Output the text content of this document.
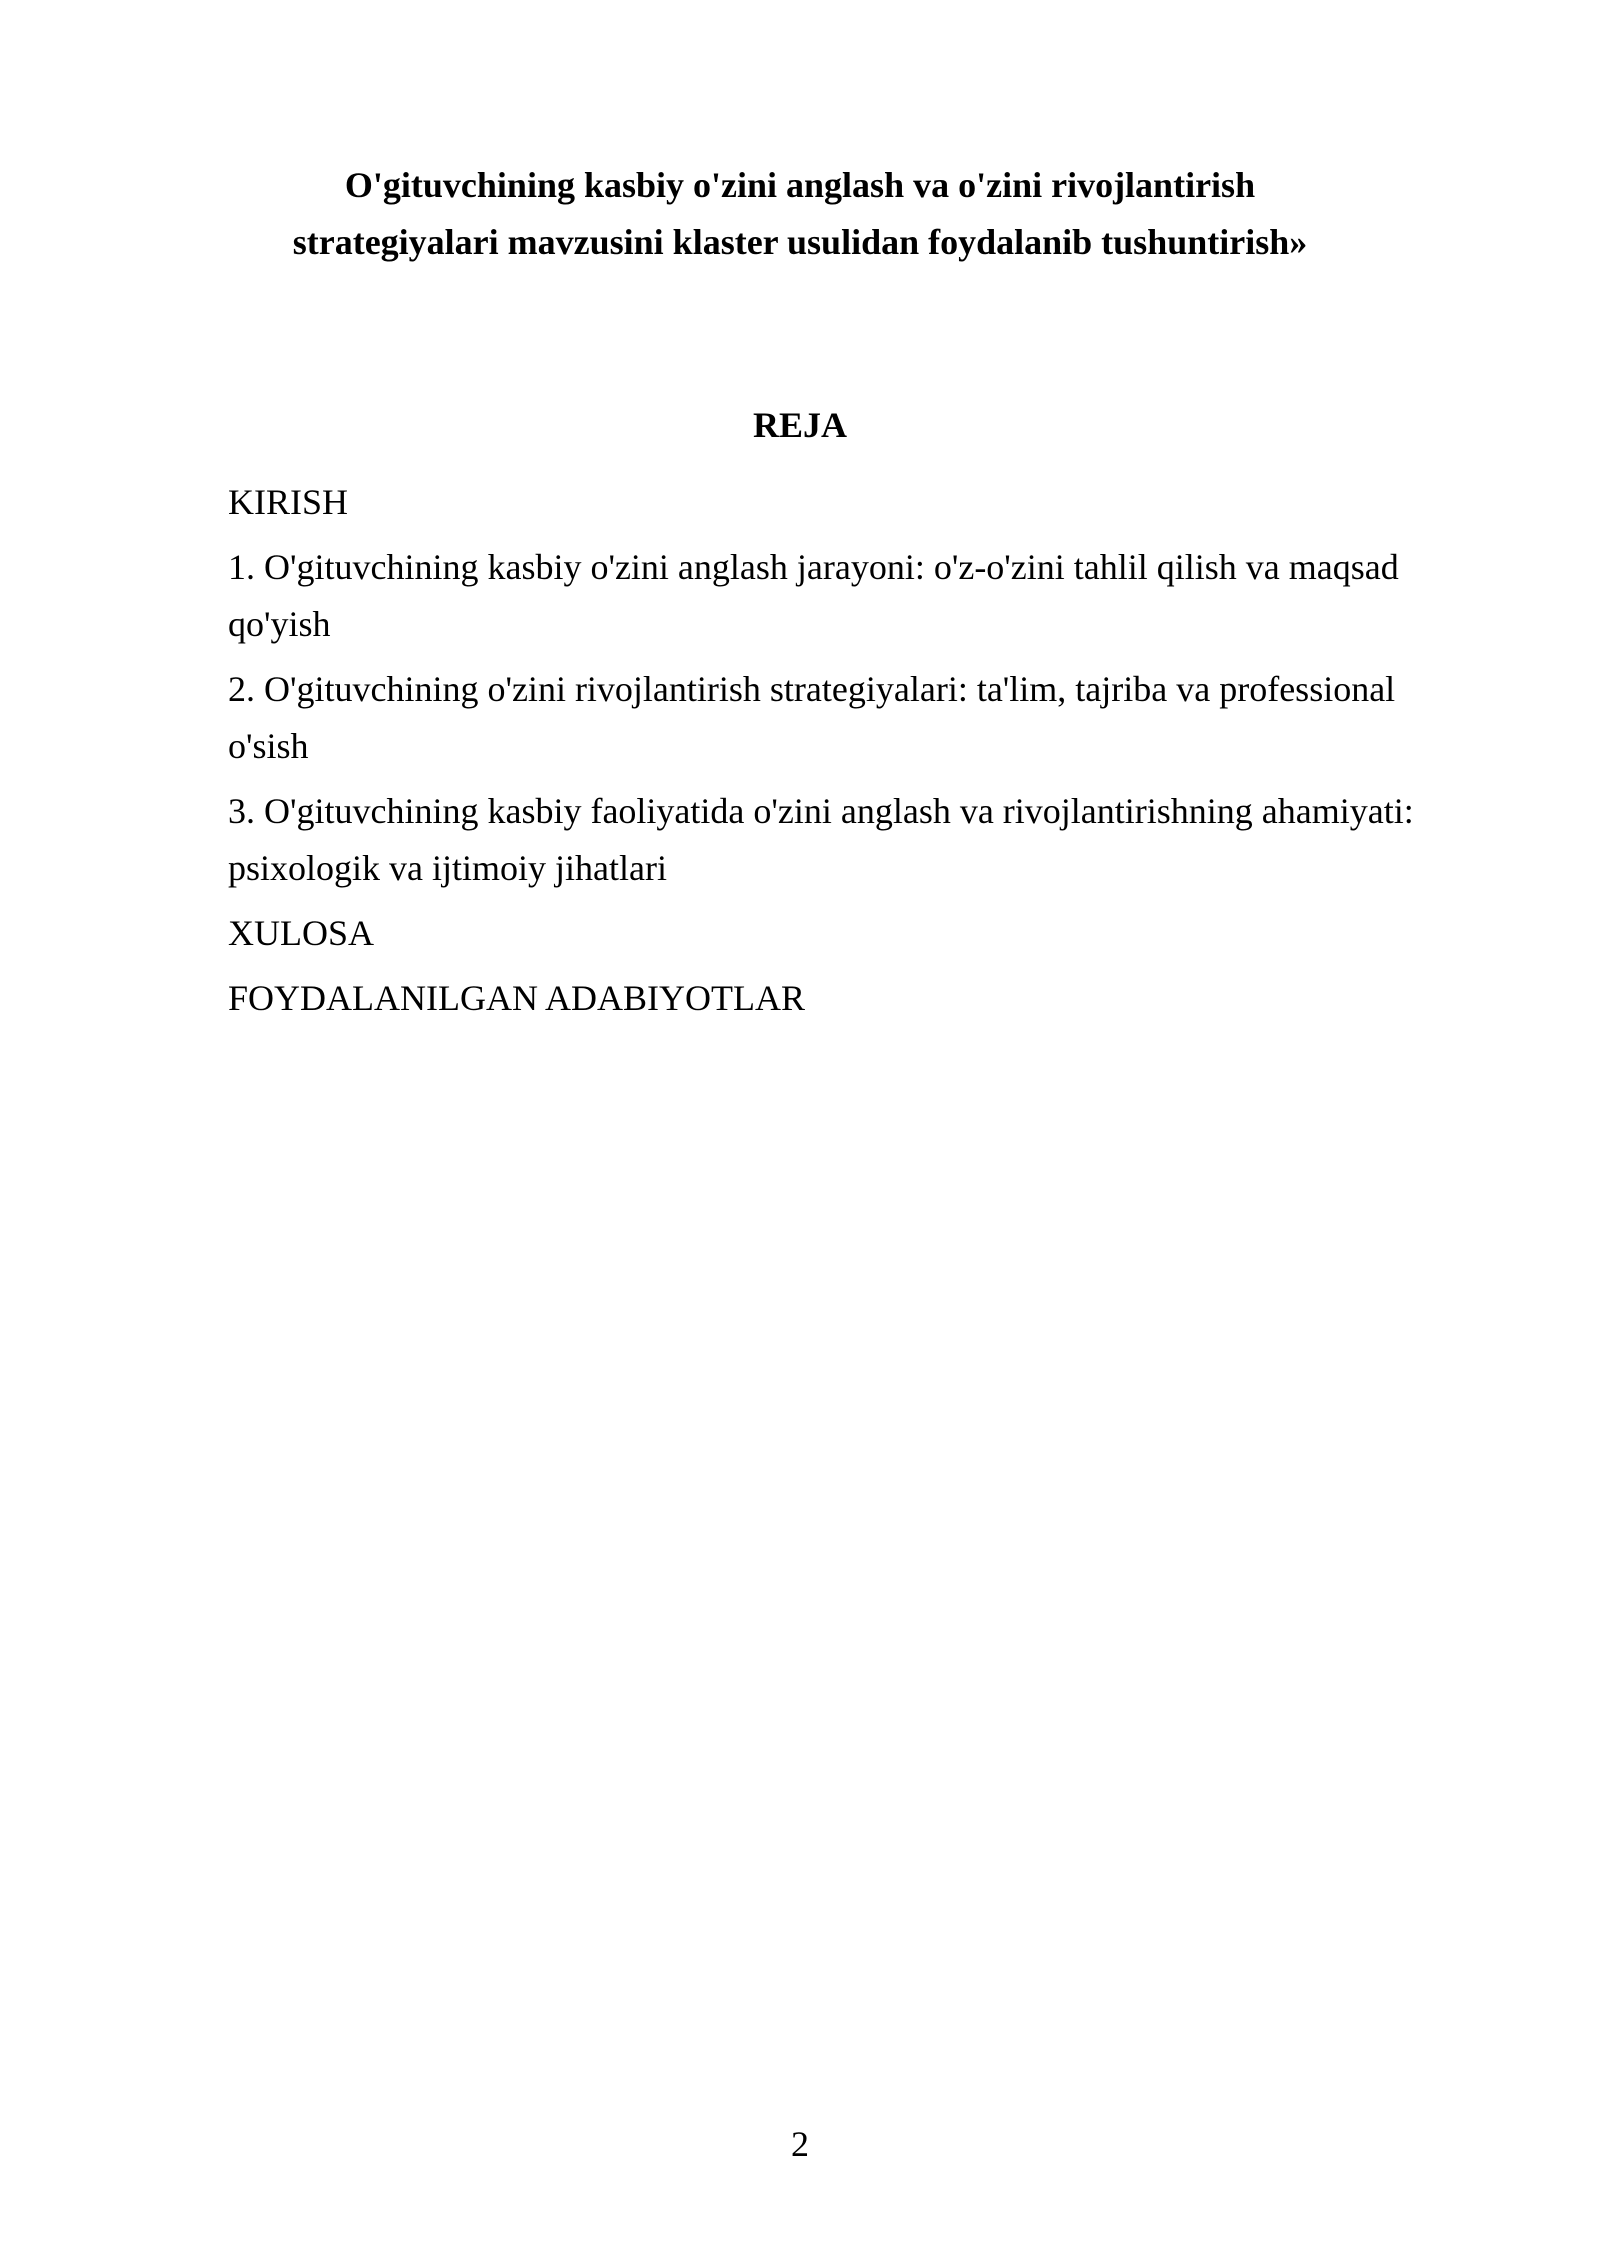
O'gituvchining kasbiy o'zini anglash va o'zini rivojlantirish
strategiyalari mavzusini klaster usulidan foydalanib tushuntirish»
REJA
KIRISH
1. O'gituvchining kasbiy o'zini anglash jarayoni: o'z-o'zini tahlil qilish va maqsad qo'yish
2. O'gituvchining o'zini rivojlantirish strategiyalari: ta'lim, tajriba va professional o'sish
3. O'gituvchining kasbiy faoliyatida o'zini anglash va rivojlantirishning ahamiyati: psixologik va ijtimoiy jihatlari
XULOSA
FOYDALANILGAN ADABIYOTLAR
2
